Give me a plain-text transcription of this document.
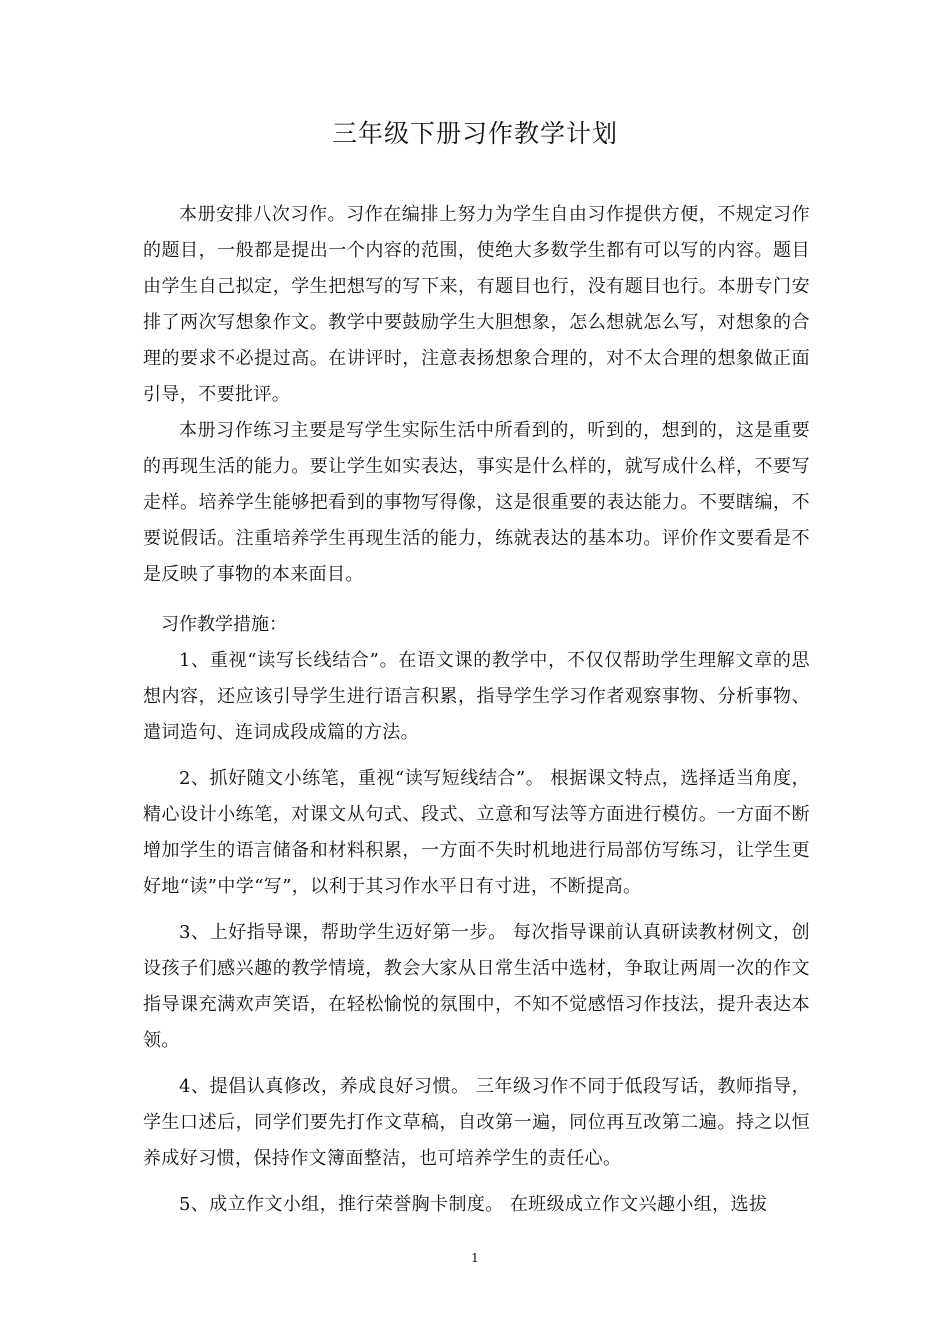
三年级下册习作教学计划

本册安排八次习作。习作在编排上努力为学生自由习作提供方便，不规定习作的题目，一般都是提出一个内容的范围，使绝大多数学生都有可以写的内容。题目由学生自己拟定，学生把想写的写下来，有题目也行，没有题目也行。本册专门安排了两次写想象作文。教学中要鼓励学生大胆想象，怎么想就怎么写，对想象的合理的要求不必提过高。在讲评时，注意表扬想象合理的，对不太合理的想象做正面引导，不要批评。

本册习作练习主要是写学生实际生活中所看到的，听到的，想到的，这是重要的再现生活的能力。要让学生如实表达，事实是什么样的，就写成什么样，不要写走样。培养学生能够把看到的事物写得像，这是很重要的表达能力。不要瞎编，不要说假话。注重培养学生再现生活的能力，练就表达的基本功。评价作文要看是不是反映了事物的本来面目。

习作教学措施：

1、重视“读写长线结合”。在语文课的教学中，不仅仅帮助学生理解文章的思想内容，还应该引导学生进行语言积累，指导学生学习作者观察事物、分析事物、遣词造句、连词成段成篇的方法。

2、抓好随文小练笔，重视“读写短线结合”。 根据课文特点，选择适当角度，精心设计小练笔，对课文从句式、段式、立意和写法等方面进行模仿。一方面不断增加学生的语言储备和材料积累，一方面不失时机地进行局部仿写练习，让学生更好地“读”中学“写”，以利于其习作水平日有寸进，不断提高。

3、上好指导课，帮助学生迈好第一步。 每次指导课前认真研读教材例文，创设孩子们感兴趣的教学情境，教会大家从日常生活中选材，争取让两周一次的作文指导课充满欢声笑语，在轻松愉悦的氛围中，不知不觉感悟习作技法，提升表达本领。

4、提倡认真修改，养成良好习惯。 三年级习作不同于低段写话，教师指导，学生口述后，同学们要先打作文草稿，自改第一遍，同位再互改第二遍。持之以恒养成好习惯，保持作文簿面整洁，也可培养学生的责任心。

5、成立作文小组，推行荣誉胸卡制度。 在班级成立作文兴趣小组，选拔

1
